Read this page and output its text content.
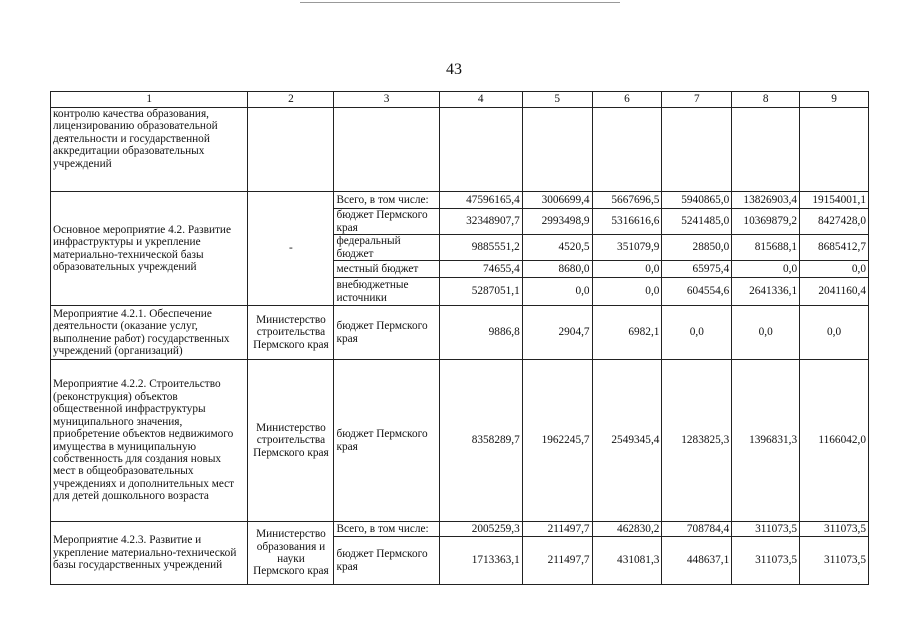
43
1	2	3	4	5	6	7	8	9
контролю качества образования, лицензированию образовательной деятельности и государственной аккредитации образовательных учреждений								
Основное мероприятие 4.2. Развитие инфраструктуры и укрепление материально-технической базы образовательных учреждений	-	Всего, в том числе:	47596165,4	3006699,4	5667696,5	5940865,0	13826903,4	19154001,1
		бюджет Пермского края	32348907,7	2993498,9	5316616,6	5241485,0	10369879,2	8427428,0
		федеральный бюджет	9885551,2	4520,5	351079,9	28850,0	815688,1	8685412,7
		местный бюджет	74655,4	8680,0	0,0	65975,4	0,0	0,0
		внебюджетные источники	5287051,1	0,0	0,0	604554,6	2641336,1	2041160,4
Мероприятие 4.2.1. Обеспечение деятельности (оказание услуг, выполнение работ) государственных учреждений (организаций)	Министерство строительства Пермского края	бюджет Пермского края	9886,8	2904,7	6982,1	0,0	0,0	0,0
Мероприятие 4.2.2. Строительство (реконструкция) объектов общественной инфраструктуры муниципального значения, приобретение объектов недвижимого имущества в муниципальную собственность для создания новых мест в общеобразовательных учреждениях и дополнительных мест для детей дошкольного возраста	Министерство строительства Пермского края	бюджет Пермского края	8358289,7	1962245,7	2549345,4	1283825,3	1396831,3	1166042,0
Мероприятие 4.2.3. Развитие и укрепление материально-технической базы государственных учреждений	Министерство образования и науки Пермского края	Всего, в том числе:	2005259,3	211497,7	462830,2	708784,4	311073,5	311073,5
		бюджет Пермского края	1713363,1	211497,7	431081,3	448637,1	311073,5	311073,5
